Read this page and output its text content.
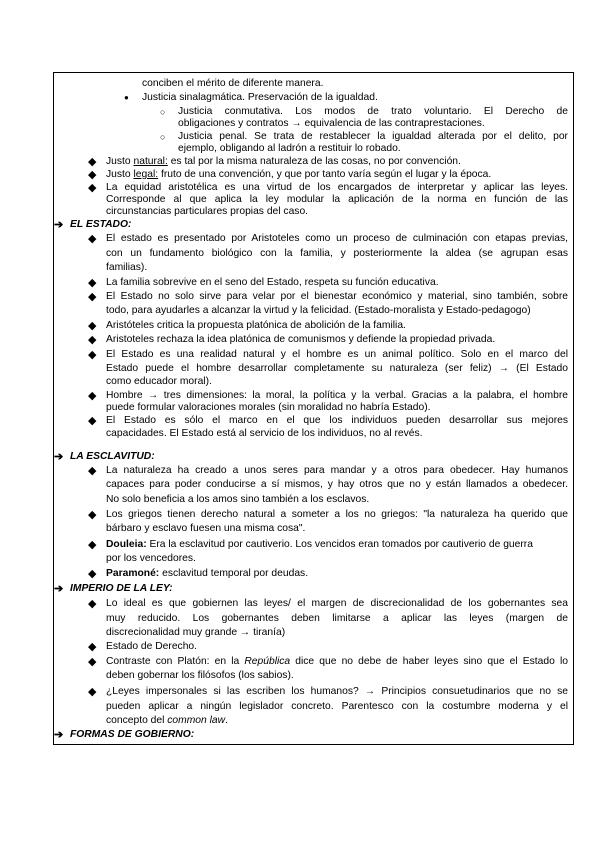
conciben el mérito de diferente manera.
● Justicia sinalagmática. Preservación de la igualdad.
○ Justicia conmutativa. Los modos de trato voluntario. El Derecho de
obligaciones y contratos → equivalencia de las contraprestaciones.
○ Justicia penal. Se trata de restablecer la igualdad alterada por el delito, por
ejemplo, obligando al ladrón a restituir lo robado.
◆ Justo natural: es tal por la misma naturaleza de las cosas, no por convención.
◆ Justo legal: fruto de una convención, y que por tanto varía según el lugar y la época.
◆ La equidad aristotélica es una virtud de los encargados de interpretar y aplicar las leyes.
Corresponde al que aplica la ley modular la aplicación de la norma en función de las
circunstancias particulares propias del caso.
➔ EL ESTADO:
◆ El estado es presentado por Aristoteles como un proceso de culminación con etapas previas,
con un fundamento biológico con la familia, y posteriormente la aldea (se agrupan esas
familias).
◆ La familia sobrevive en el seno del Estado, respeta su función educativa.
◆ El Estado no solo sirve para velar por el bienestar económico y material, sino también, sobre
todo, para ayudarles a alcanzar la virtud y la felicidad. (Estado-moralista y Estado-pedagogo)
◆ Aristóteles critica la propuesta platónica de abolición de la familia.
◆ Aristoteles rechaza la idea platónica de comunismos y defiende la propiedad privada.
◆ El Estado es una realidad natural y el hombre es un animal político. Solo en el marco del
Estado puede el hombre desarrollar completamente su naturaleza (ser feliz) → (El Estado
como educador moral).
◆ Hombre → tres dimensiones: la moral, la política y la verbal. Gracias a la palabra, el hombre
puede formular valoraciones morales (sin moralidad no habría Estado).
◆ El Estado es sólo el marco en el que los individuos pueden desarrollar sus mejores
capacidades. El Estado está al servicio de los individuos, no al revés.
➔ LA ESCLAVITUD:
◆ La naturaleza ha creado a unos seres para mandar y a otros para obedecer. Hay humanos
capaces para poder conducirse a sí mismos, y hay otros que no y están llamados a obedecer.
No solo beneficia a los amos sino también a los esclavos.
◆ Los griegos tienen derecho natural a someter a los no griegos: "la naturaleza ha querido que
bárbaro y esclavo fuesen una misma cosa".
◆ Douleia: Era la esclavitud por cautiverio. Los vencidos eran tomados por cautiverio de guerra
por los vencedores.
◆ Paramoné: esclavitud temporal por deudas.
➔ IMPERIO DE LA LEY:
◆ Lo ideal es que gobiernen las leyes/ el margen de discrecionalidad de los gobernantes sea
muy reducido. Los gobernantes deben limitarse a aplicar las leyes (margen de
discrecionalidad muy grande → tiranía)
◆ Estado de Derecho.
◆ Contraste con Platón: en la República dice que no debe de haber leyes sino que el Estado lo
deben gobernar los filósofos (los sabios).
◆ ¿Leyes impersonales si las escriben los humanos? → Principios consuetudinarios que no se
pueden aplicar a ningún legislador concreto. Parentesco con la costumbre moderna y el
concepto del common law.
➔ FORMAS DE GOBIERNO:
